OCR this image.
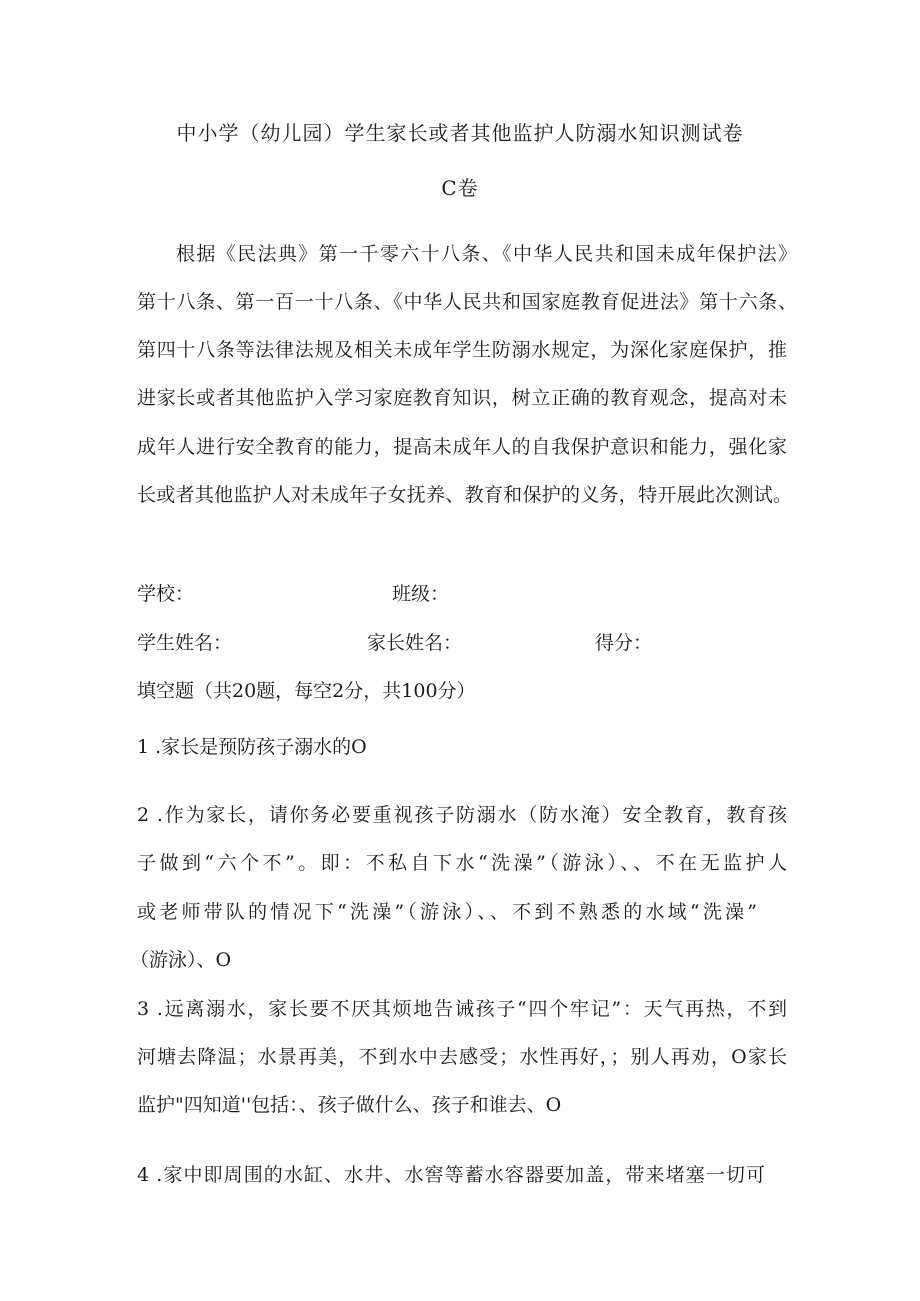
中小学（幼儿园）学生家长或者其他监护人防溺水知识测试卷

C卷

根据《民法典》第一千零六十八条、《中华人民共和国未成年保护法》

第十八条、第一百一十八条、《中华人民共和国家庭教育促进法》第十六条、

第四十八条等法律法规及相关未成年学生防溺水规定，为深化家庭保护，推

进家长或者其他监护入学习家庭教育知识，树立正确的教育观念，提高对未

成年人进行安全教育的能力，提高未成年人的自我保护意识和能力，强化家

长或者其他监护人对未成年子女抚养、教育和保护的义务，特开展此次测试。

学校：	班级：
学生姓名：	家长姓名：	得分：

填空题（共20题，每空2分，共100分）

1 .家长是预防孩子溺水的O

2 .作为家长，请你务必要重视孩子防溺水（防水淹）安全教育，教育孩

子做到“六个不”。即：不私自下水“洗澡”（游泳）、、不在无监护人

或老师带队的情况下“洗澡”（游泳）、、不到不熟悉的水域“洗澡”

（游泳）、O

3 .远离溺水，家长要不厌其烦地告诫孩子“四个牢记”：天气再热，不到

河塘去降温；水景再美，不到水中去感受；水性再好，；别人再劝，O家长

监护"四知道''包括：、孩子做什么、孩子和谁去、O

4 .家中即周围的水缸、水井、水窖等蓄水容器要加盖，带来堵塞一切可
